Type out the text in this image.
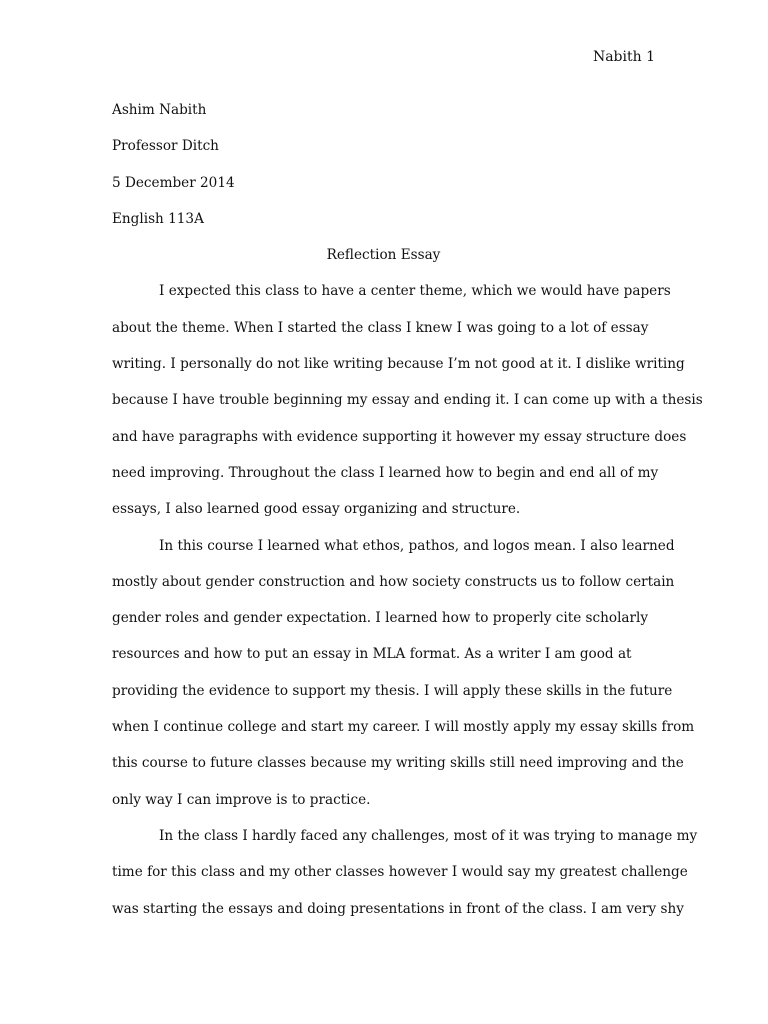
Nabith 1
Ashim Nabith
Professor Ditch
5 December 2014
English 113A
Reflection Essay
I expected this class to have a center theme, which we would have papers
about the theme. When I started the class I knew I was going to a lot of essay
writing. I personally do not like writing because I’m not good at it. I dislike writing
because I have trouble beginning my essay and ending it. I can come up with a thesis
and have paragraphs with evidence supporting it however my essay structure does
need improving. Throughout the class I learned how to begin and end all of my
essays, I also learned good essay organizing and structure.
In this course I learned what ethos, pathos, and logos mean. I also learned
mostly about gender construction and how society constructs us to follow certain
gender roles and gender expectation. I learned how to properly cite scholarly
resources and how to put an essay in MLA format. As a writer I am good at
providing the evidence to support my thesis. I will apply these skills in the future
when I continue college and start my career. I will mostly apply my essay skills from
this course to future classes because my writing skills still need improving and the
only way I can improve is to practice.
In the class I hardly faced any challenges, most of it was trying to manage my
time for this class and my other classes however I would say my greatest challenge
was starting the essays and doing presentations in front of the class. I am very shy
